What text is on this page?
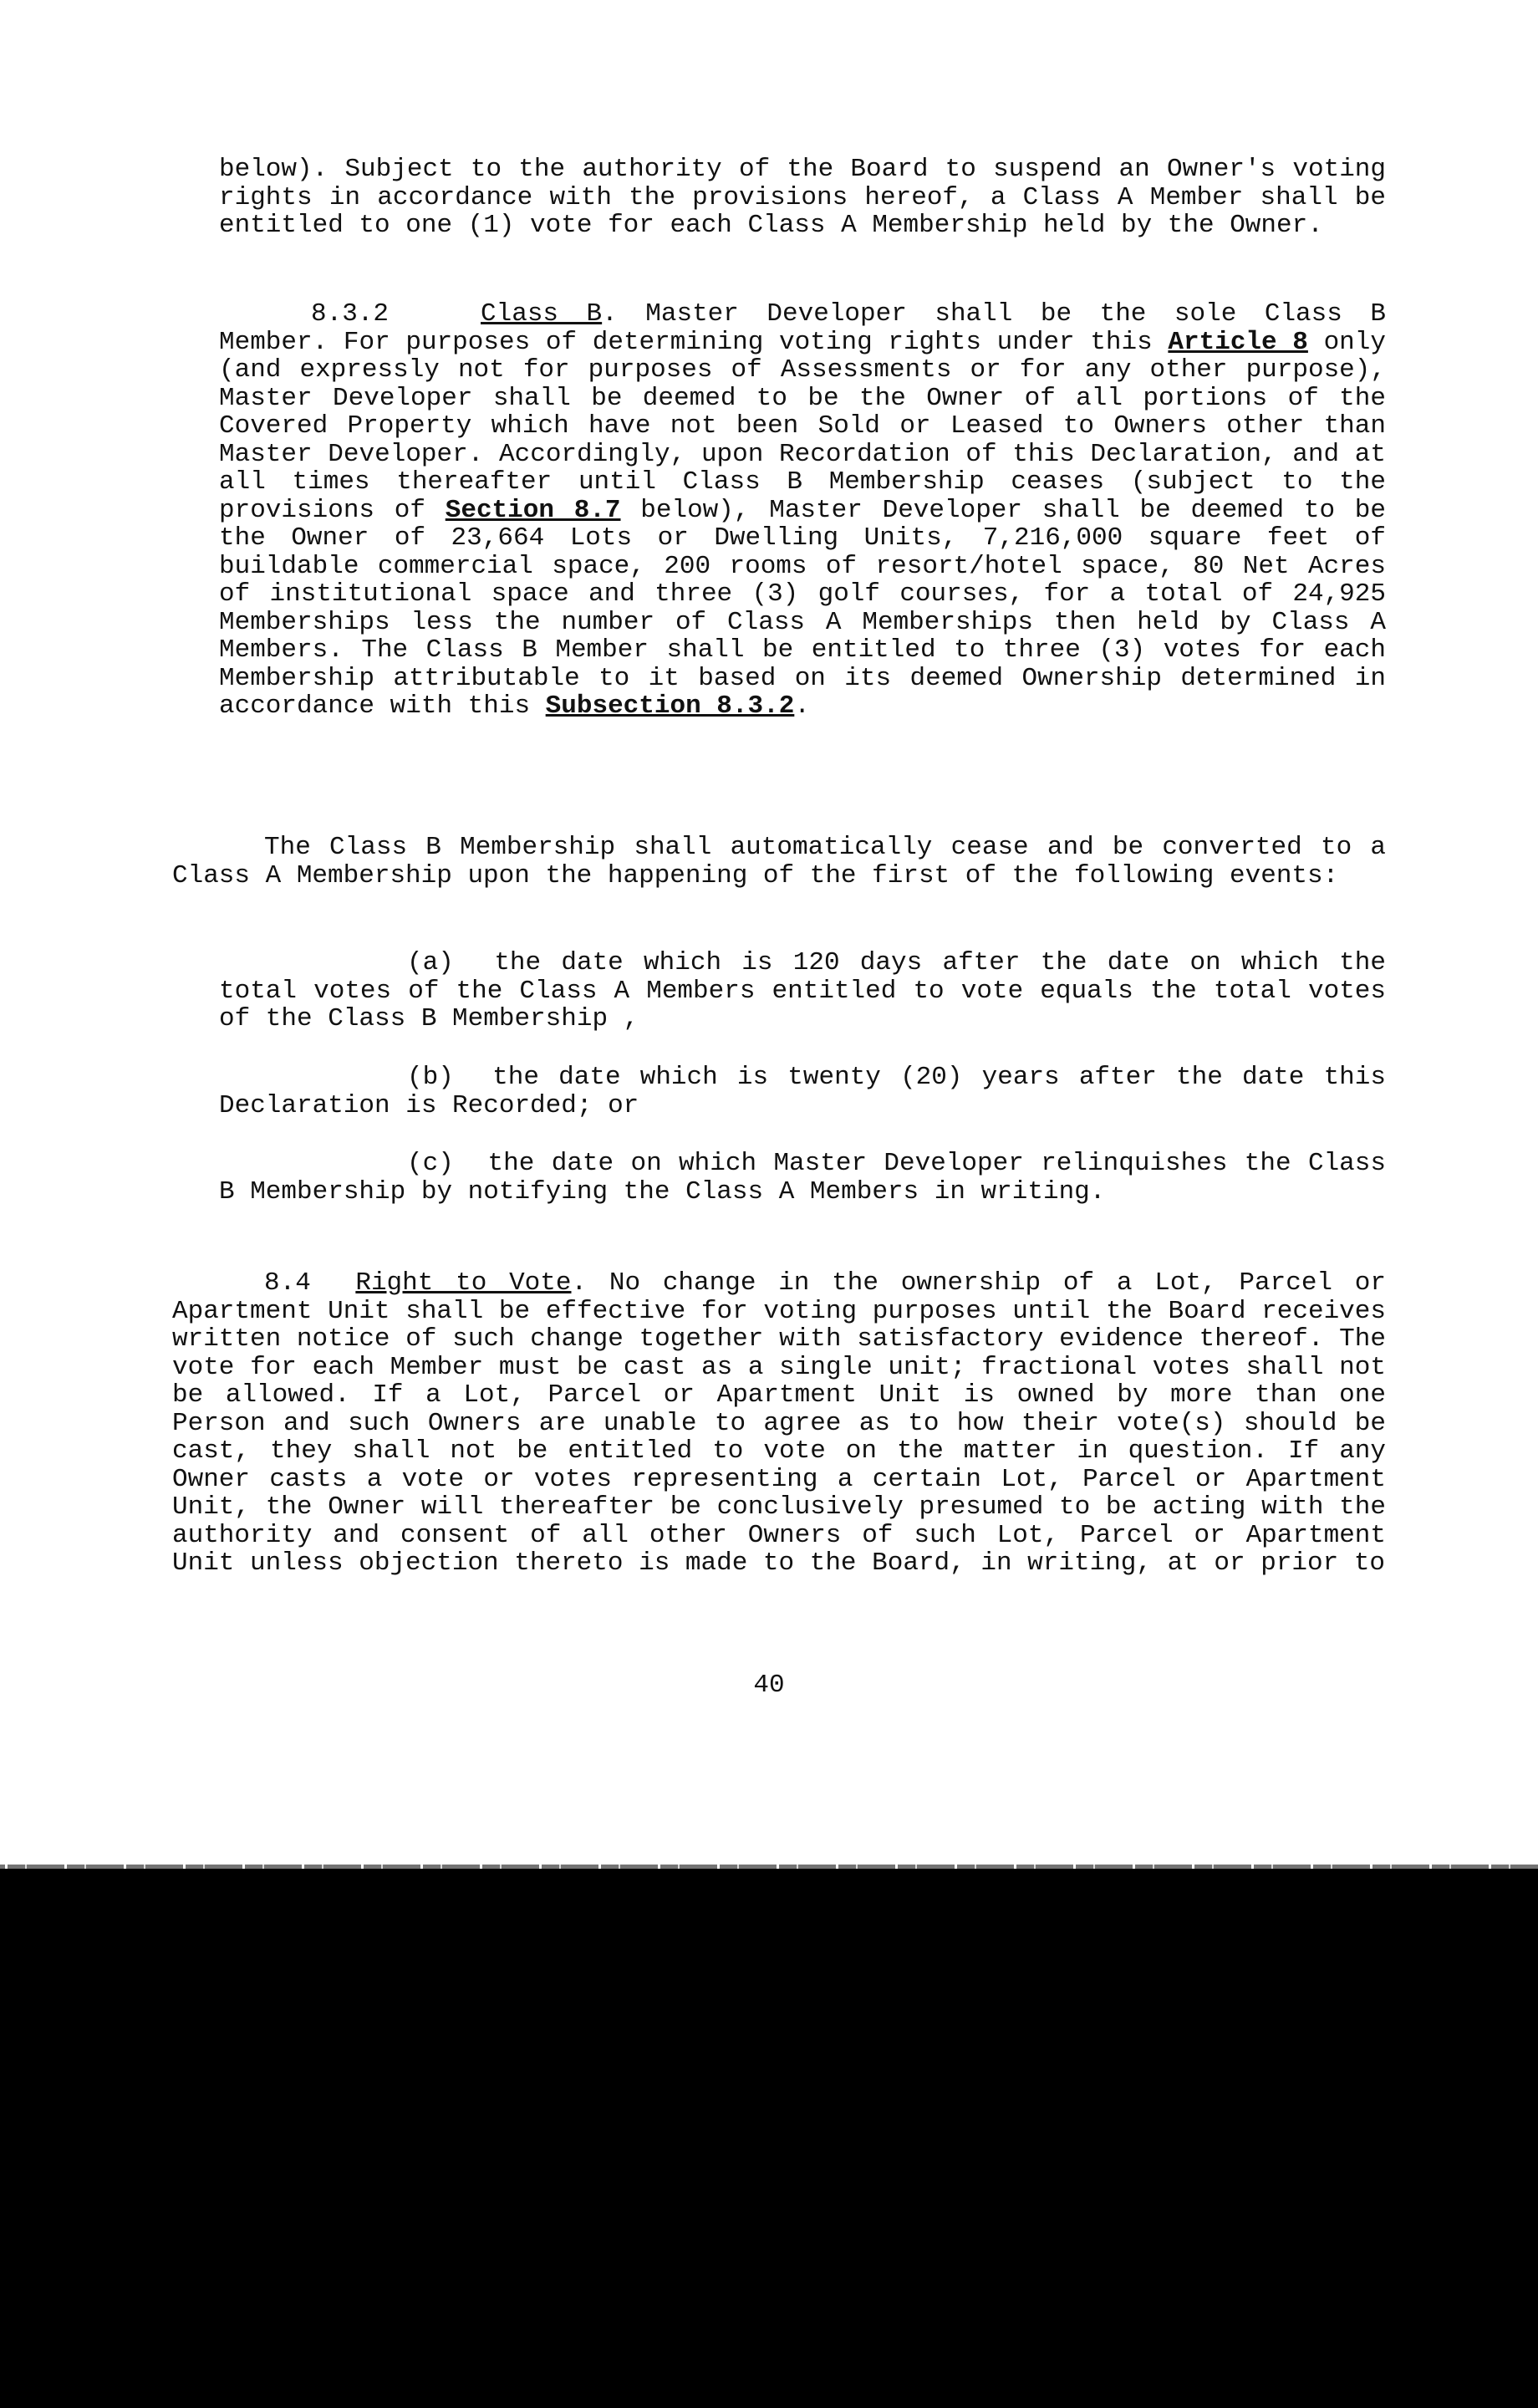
below). Subject to the authority of the Board to suspend an Owner's voting rights in accordance with the provisions hereof, a Class A Member shall be entitled to one (1) vote for each Class A Membership held by the Owner.
8.3.2	Class B. Master Developer shall be the sole Class B Member. For purposes of determining voting rights under this Article 8 only (and expressly not for purposes of Assessments or for any other purpose), Master Developer shall be deemed to be the Owner of all portions of the Covered Property which have not been Sold or Leased to Owners other than Master Developer. Accordingly, upon Recordation of this Declaration, and at all times thereafter until Class B Membership ceases (subject to the provisions of Section 8.7 below), Master Developer shall be deemed to be the Owner of 23,664 Lots or Dwelling Units, 7,216,000 square feet of buildable commercial space, 200 rooms of resort/hotel space, 80 Net Acres of institutional space and three (3) golf courses, for a total of 24,925 Memberships less the number of Class A Memberships then held by Class A Members. The Class B Member shall be entitled to three (3) votes for each Membership attributable to it based on its deemed Ownership determined in accordance with this Subsection 8.3.2.
The Class B Membership shall automatically cease and be converted to a Class A Membership upon the happening of the first of the following events:
(a) the date which is 120 days after the date on which the total votes of the Class A Members entitled to vote equals the total votes of the Class B Membership ,
(b) the date which is twenty (20) years after the date this Declaration is Recorded; or
(c) the date on which Master Developer relinquishes the Class B Membership by notifying the Class A Members in writing.
8.4 Right to Vote. No change in the ownership of a Lot, Parcel or Apartment Unit shall be effective for voting purposes until the Board receives written notice of such change together with satisfactory evidence thereof. The vote for each Member must be cast as a single unit; fractional votes shall not be allowed. If a Lot, Parcel or Apartment Unit is owned by more than one Person and such Owners are unable to agree as to how their vote(s) should be cast, they shall not be entitled to vote on the matter in question. If any Owner casts a vote or votes representing a certain Lot, Parcel or Apartment Unit, the Owner will thereafter be conclusively presumed to be acting with the authority and consent of all other Owners of such Lot, Parcel or Apartment Unit unless objection thereto is made to the Board, in writing, at or prior to
40
